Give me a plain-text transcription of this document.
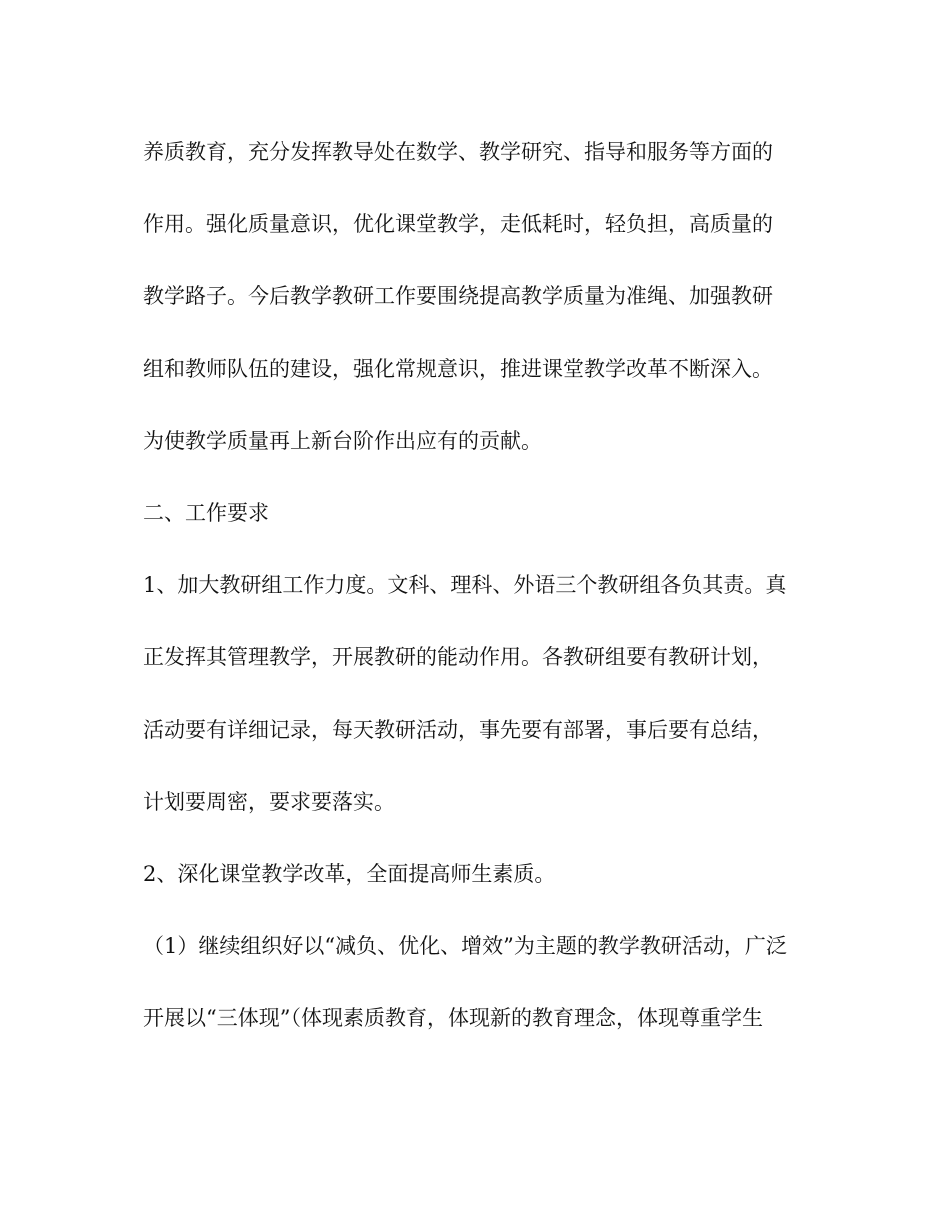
养质教育，充分发挥教导处在数学、教学研究、指导和服务等方面的
作用。强化质量意识，优化课堂教学，走低耗时，轻负担，高质量的
教学路子。今后教学教研工作要围绕提高教学质量为准绳、加强教研
组和教师队伍的建设，强化常规意识，推进课堂教学改革不断深入。
为使教学质量再上新台阶作出应有的贡献。
二、工作要求
1、加大教研组工作力度。文科、理科、外语三个教研组各负其责。真
正发挥其管理教学，开展教研的能动作用。各教研组要有教研计划，
活动要有详细记录，每天教研活动，事先要有部署，事后要有总结，
计划要周密，要求要落实。
2、深化课堂教学改革，全面提高师生素质。
（1）继续组织好以“减负、优化、增效”为主题的教学教研活动，广泛
开展以“三体现”（体现素质教育，体现新的教育理念，体现尊重学生
